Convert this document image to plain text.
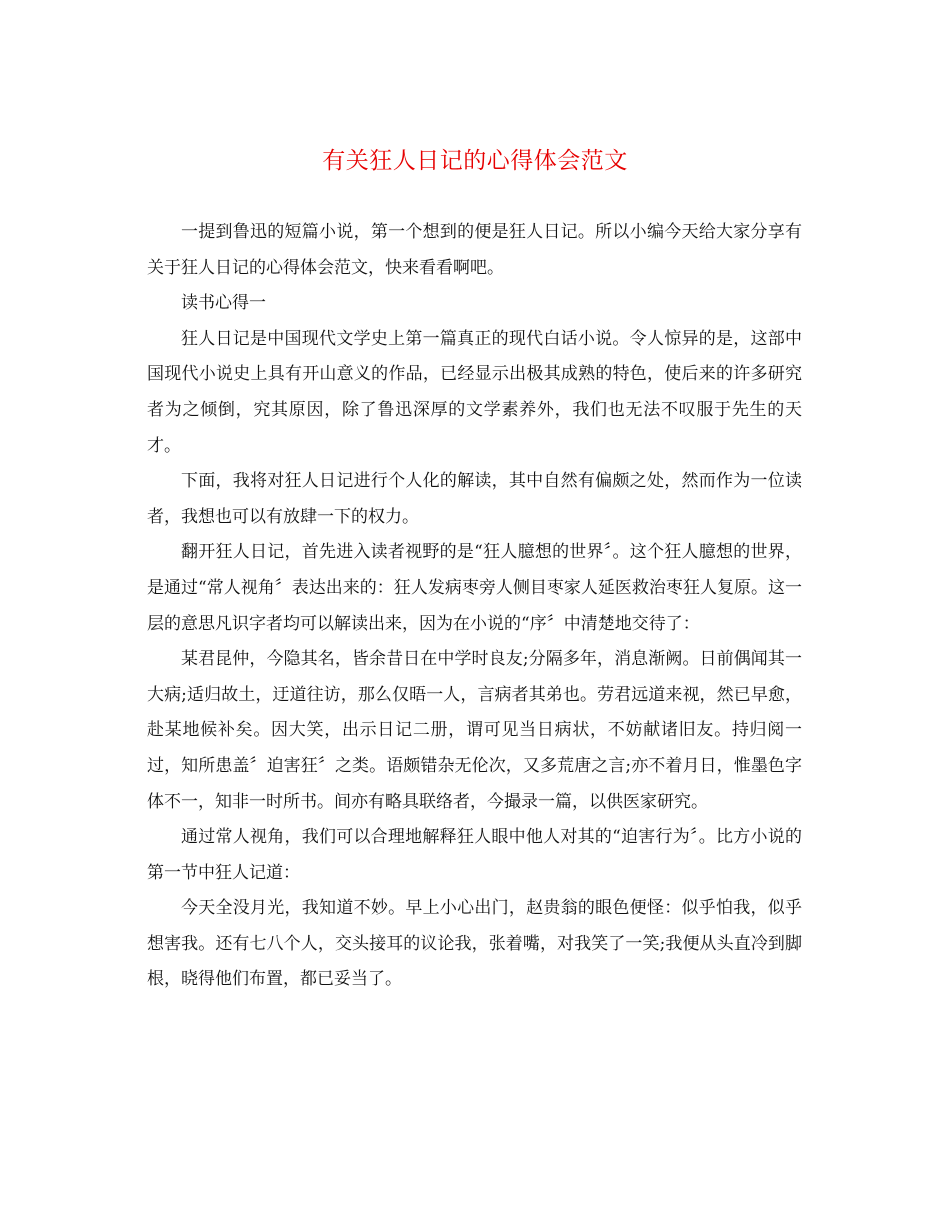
有关狂人日记的心得体会范文

一提到鲁迅的短篇小说，第一个想到的便是狂人日记。所以小编今天给大家分享有关于狂人日记的心得体会范文，快来看看啊吧。

读书心得一

狂人日记是中国现代文学史上第一篇真正的现代白话小说。令人惊异的是，这部中国现代小说史上具有开山意义的作品，已经显示出极其成熟的特色，使后来的许多研究者为之倾倒，究其原因，除了鲁迅深厚的文学素养外，我们也无法不叹服于先生的天才。

下面，我将对狂人日记进行个人化的解读，其中自然有偏颇之处，然而作为一位读者，我想也可以有放肆一下的权力。

翻开狂人日记，首先进入读者视野的是“狂人臆想的世界〞。这个狂人臆想的世界，是通过“常人视角〞表达出来的：狂人发病枣旁人侧目枣家人延医救治枣狂人复原。这一层的意思凡识字者均可以解读出来，因为在小说的“序〞中清楚地交待了：

某君昆仲，今隐其名，皆余昔日在中学时良友;分隔多年，消息渐阙。日前偶闻其一大病;适归故土，迂道往访，那么仅晤一人，言病者其弟也。劳君远道来视，然已早愈，赴某地候补矣。因大笑，出示日记二册，谓可见当日病状，不妨献诸旧友。持归阅一过，知所患盖〞迫害狂〞之类。语颇错杂无伦次，又多荒唐之言;亦不着月日，惟墨色字体不一，知非一时所书。间亦有略具联络者，今撮录一篇，以供医家研究。

通过常人视角，我们可以合理地解释狂人眼中他人对其的“迫害行为〞。比方小说的第一节中狂人记道：

今天全没月光，我知道不妙。早上小心出门，赵贵翁的眼色便怪：似乎怕我，似乎想害我。还有七八个人，交头接耳的议论我，张着嘴，对我笑了一笑;我便从头直冷到脚根，晓得他们布置，都已妥当了。
